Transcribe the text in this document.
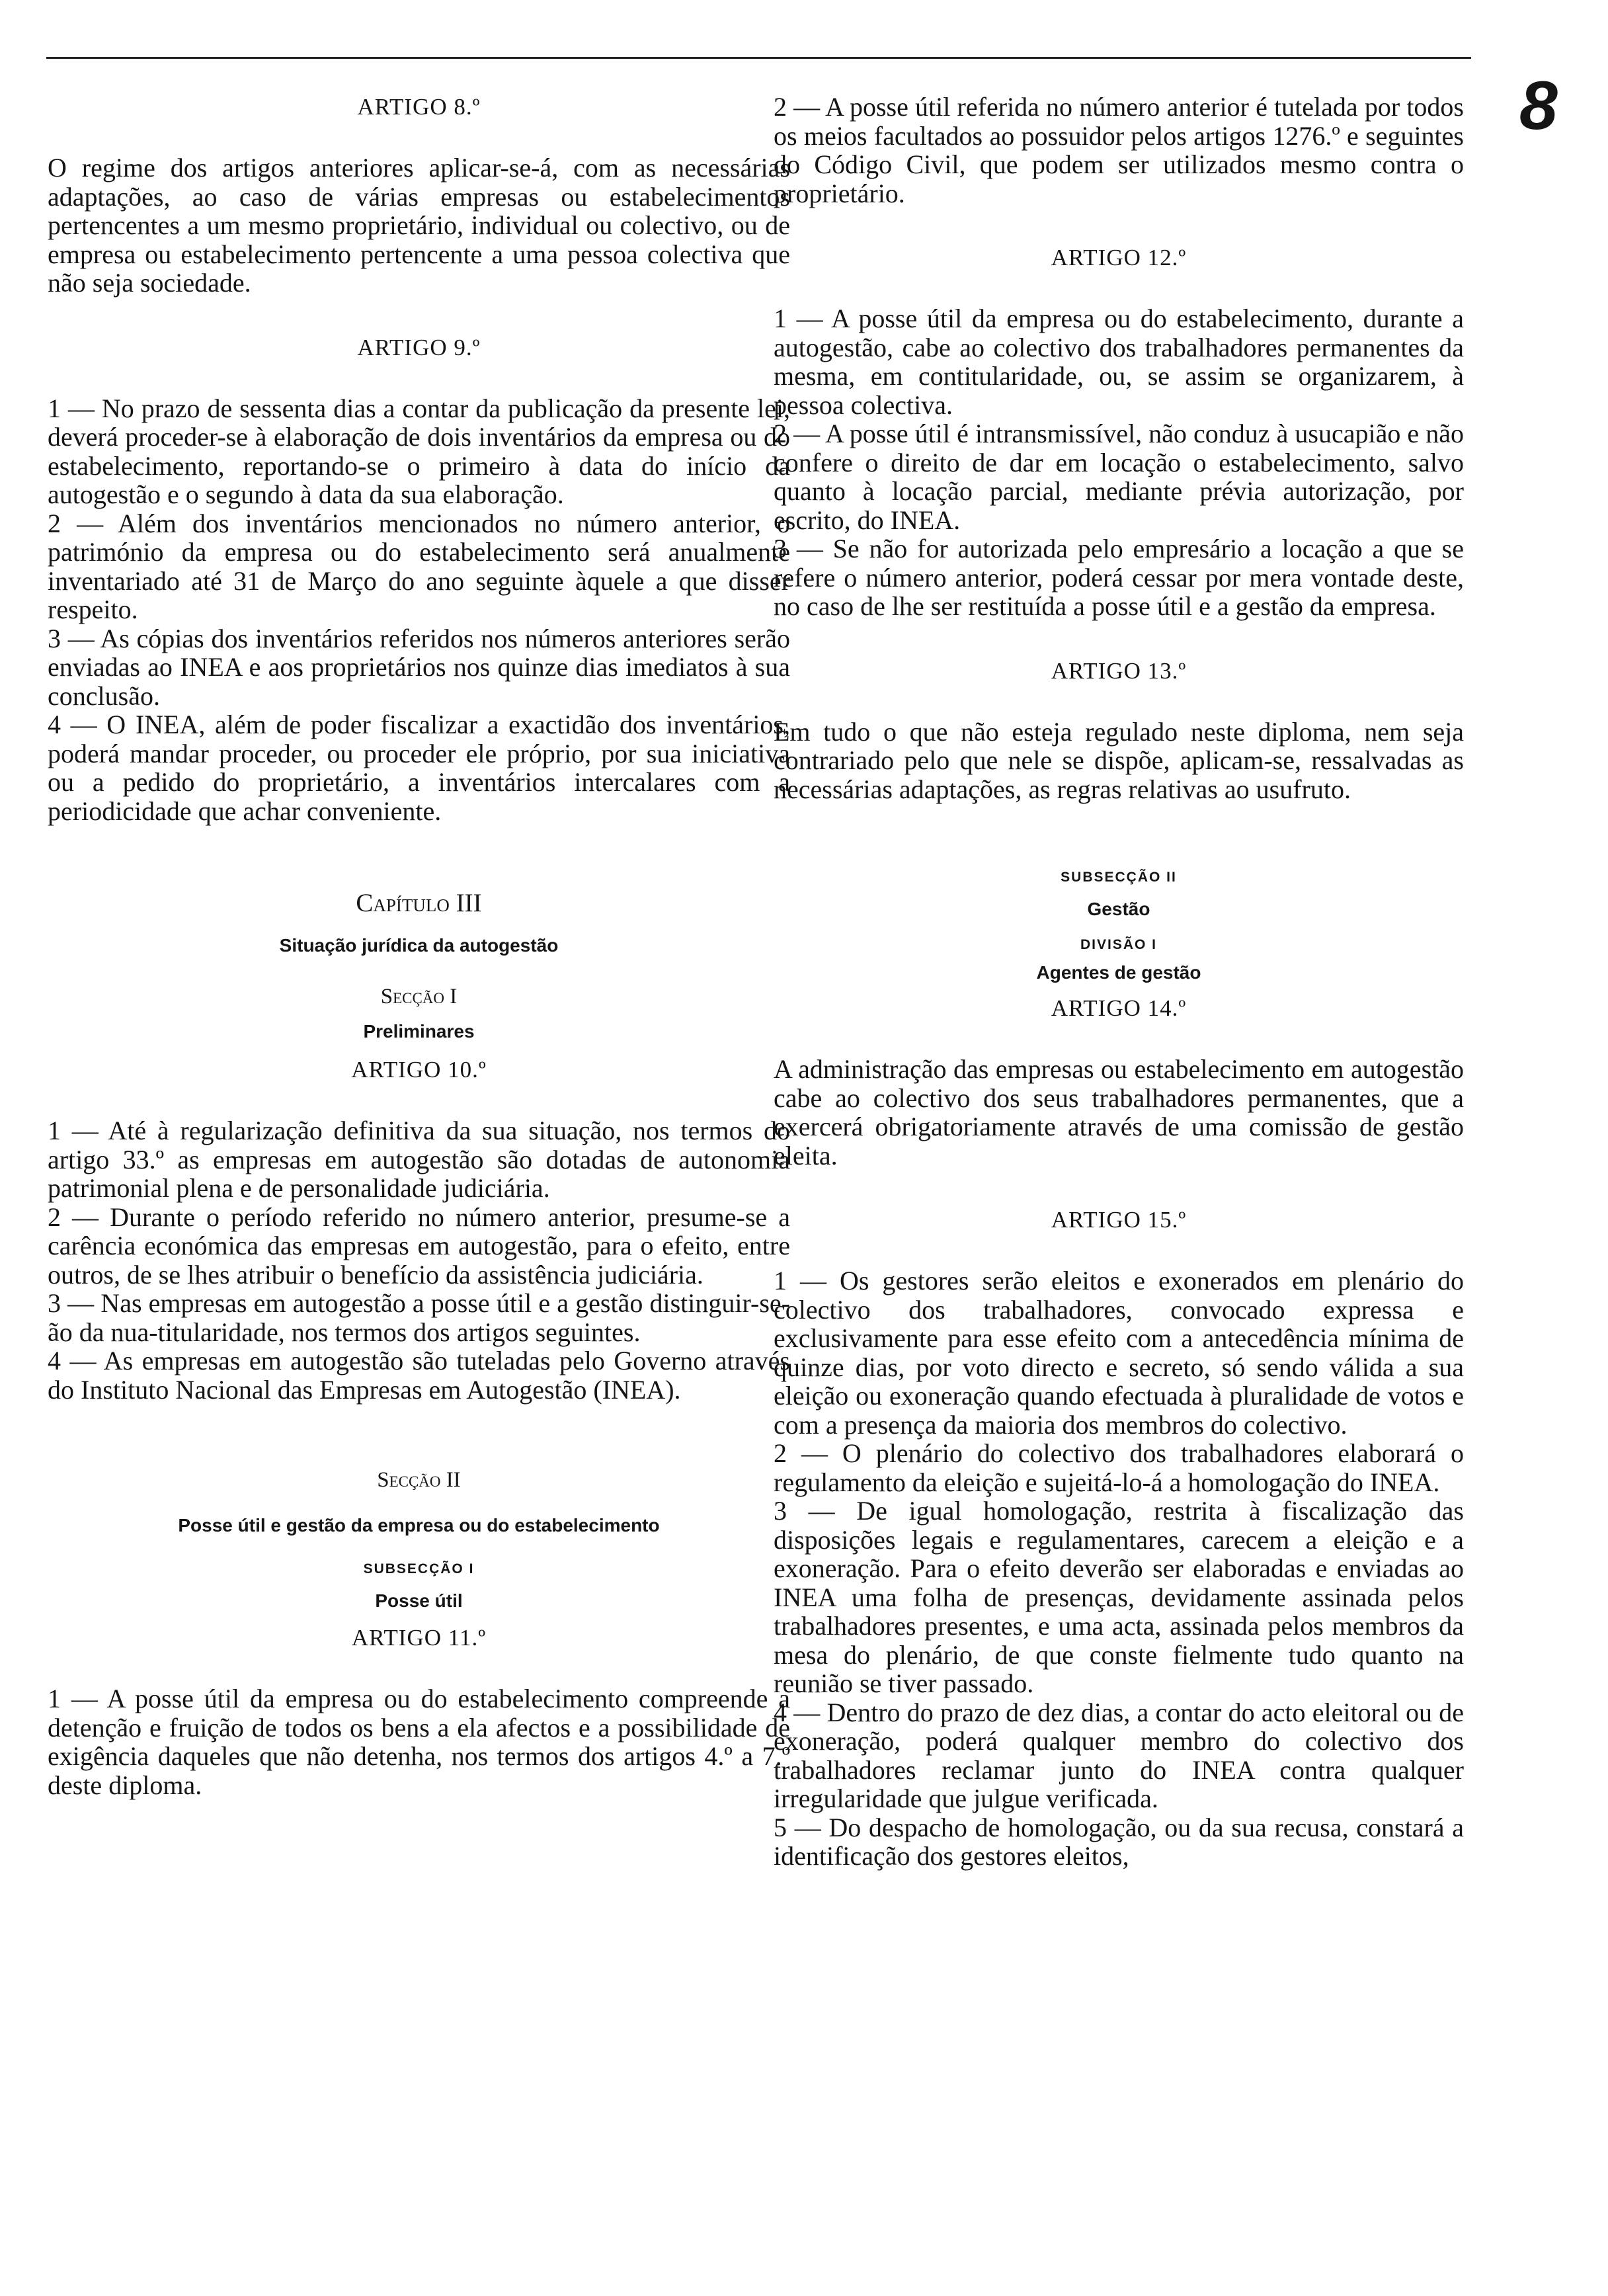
8

ARTIGO 8.º

O regime dos artigos anteriores aplicar-se-á, com as necessárias adaptações, ao caso de várias empresas ou estabelecimentos pertencentes a um mesmo proprietário, individual ou colectivo, ou de empresa ou estabelecimento pertencente a uma pessoa colectiva que não seja sociedade.

ARTIGO 9.º

1 — No prazo de sessenta dias a contar da publicação da presente lei, deverá proceder-se à elaboração de dois inventários da empresa ou do estabelecimento, reportando-se o primeiro à data do início da autogestão e o segundo à data da sua elaboração.

2 — Além dos inventários mencionados no número anterior, o património da empresa ou do estabelecimento será anualmente inventariado até 31 de Março do ano seguinte àquele a que disser respeito.

3 — As cópias dos inventários referidos nos números anteriores serão enviadas ao INEA e aos proprietários nos quinze dias imediatos à sua conclusão.

4 — O INEA, além de poder fiscalizar a exactidão dos inventários, poderá mandar proceder, ou proceder ele próprio, por sua iniciativa ou a pedido do proprietário, a inventários intercalares com a periodicidade que achar conveniente.

Capítulo III

Situação jurídica da autogestão

Secção I

Preliminares

ARTIGO 10.º

1 — Até à regularização definitiva da sua situação, nos termos do artigo 33.º as empresas em autogestão são dotadas de autonomia patrimonial plena e de personalidade judiciária.

2 — Durante o período referido no número anterior, presume-se a carência económica das empresas em autogestão, para o efeito, entre outros, de se lhes atribuir o benefício da assistência judiciária.

3 — Nas empresas em autogestão a posse útil e a gestão distinguir-se-ão da nua-titularidade, nos termos dos artigos seguintes.

4 — As empresas em autogestão são tuteladas pelo Governo através do Instituto Nacional das Empresas em Autogestão (INEA).

Secção II

Posse útil e gestão da empresa ou do estabelecimento

SUBSECÇÃO I

Posse útil

ARTIGO 11.º

1 — A posse útil da empresa ou do estabelecimento compreende a detenção e fruição de todos os bens a ela afectos e a possibilidade de exigência daqueles que não detenha, nos termos dos artigos 4.º a 7.º deste diploma.

2 — A posse útil referida no número anterior é tutelada por todos os meios facultados ao possuidor pelos artigos 1276.º e seguintes do Código Civil, que podem ser utilizados mesmo contra o proprietário.

ARTIGO 12.º

1 — A posse útil da empresa ou do estabelecimento, durante a autogestão, cabe ao colectivo dos trabalhadores permanentes da mesma, em contitularidade, ou, se assim se organizarem, à pessoa colectiva.

2 — A posse útil é intransmissível, não conduz à usucapião e não confere o direito de dar em locação o estabelecimento, salvo quanto à locação parcial, mediante prévia autorização, por escrito, do INEA.

3 — Se não for autorizada pelo empresário a locação a que se refere o número anterior, poderá cessar por mera vontade deste, no caso de lhe ser restituída a posse útil e a gestão da empresa.

ARTIGO 13.º

Em tudo o que não esteja regulado neste diploma, nem seja contrariado pelo que nele se dispõe, aplicam-se, ressalvadas as necessárias adaptações, as regras relativas ao usufruto.

SUBSECÇÃO II

Gestão

DIVISÃO I

Agentes de gestão

ARTIGO 14.º

A administração das empresas ou estabelecimento em autogestão cabe ao colectivo dos seus trabalhadores permanentes, que a exercerá obrigatoriamente através de uma comissão de gestão eleita.

ARTIGO 15.º

1 — Os gestores serão eleitos e exonerados em plenário do colectivo dos trabalhadores, convocado expressa e exclusivamente para esse efeito com a antecedência mínima de quinze dias, por voto directo e secreto, só sendo válida a sua eleição ou exoneração quando efectuada à pluralidade de votos e com a presença da maioria dos membros do colectivo.

2 — O plenário do colectivo dos trabalhadores elaborará o regulamento da eleição e sujeitá-lo-á a homologação do INEA.

3 — De igual homologação, restrita à fiscalização das disposições legais e regulamentares, carecem a eleição e a exoneração. Para o efeito deverão ser elaboradas e enviadas ao INEA uma folha de presenças, devidamente assinada pelos trabalhadores presentes, e uma acta, assinada pelos membros da mesa do plenário, de que conste fielmente tudo quanto na reunião se tiver passado.

4 — Dentro do prazo de dez dias, a contar do acto eleitoral ou de exoneração, poderá qualquer membro do colectivo dos trabalhadores reclamar junto do INEA contra qualquer irregularidade que julgue verificada.

5 — Do despacho de homologação, ou da sua recusa, constará a identificação dos gestores eleitos,
